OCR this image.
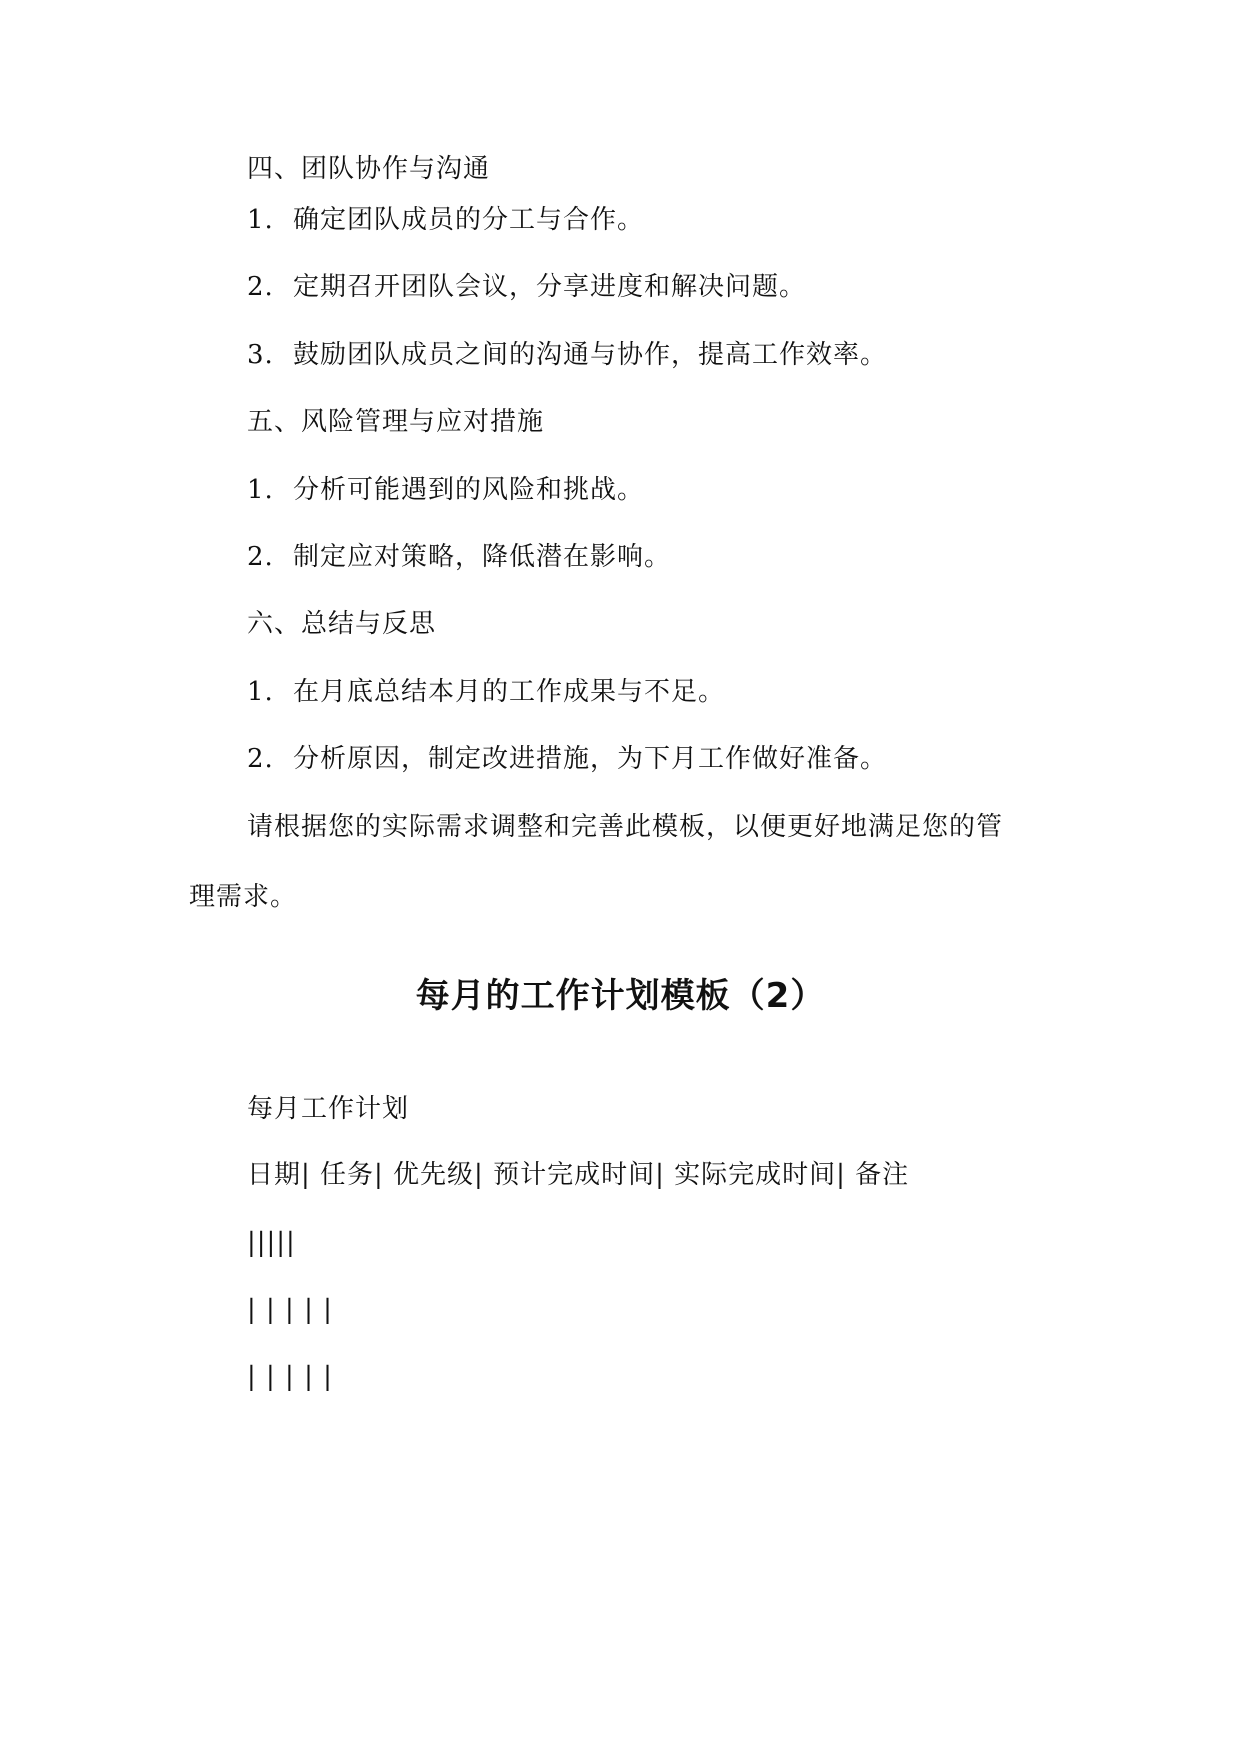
四、团队协作与沟通
1. 确定团队成员的分工与合作。
2. 定期召开团队会议，分享进度和解决问题。
3. 鼓励团队成员之间的沟通与协作，提高工作效率。
五、风险管理与应对措施
1. 分析可能遇到的风险和挑战。
2. 制定应对策略，降低潜在影响。
六、总结与反思
1. 在月底总结本月的工作成果与不足。
2. 分析原因，制定改进措施，为下月工作做好准备。
请根据您的实际需求调整和完善此模板，以便更好地满足您的管
理需求。
每月的工作计划模板（2）
每月工作计划
日期| 任务| 优先级| 预计完成时间| 实际完成时间| 备注
|||||
| | | | |
| | | | |
